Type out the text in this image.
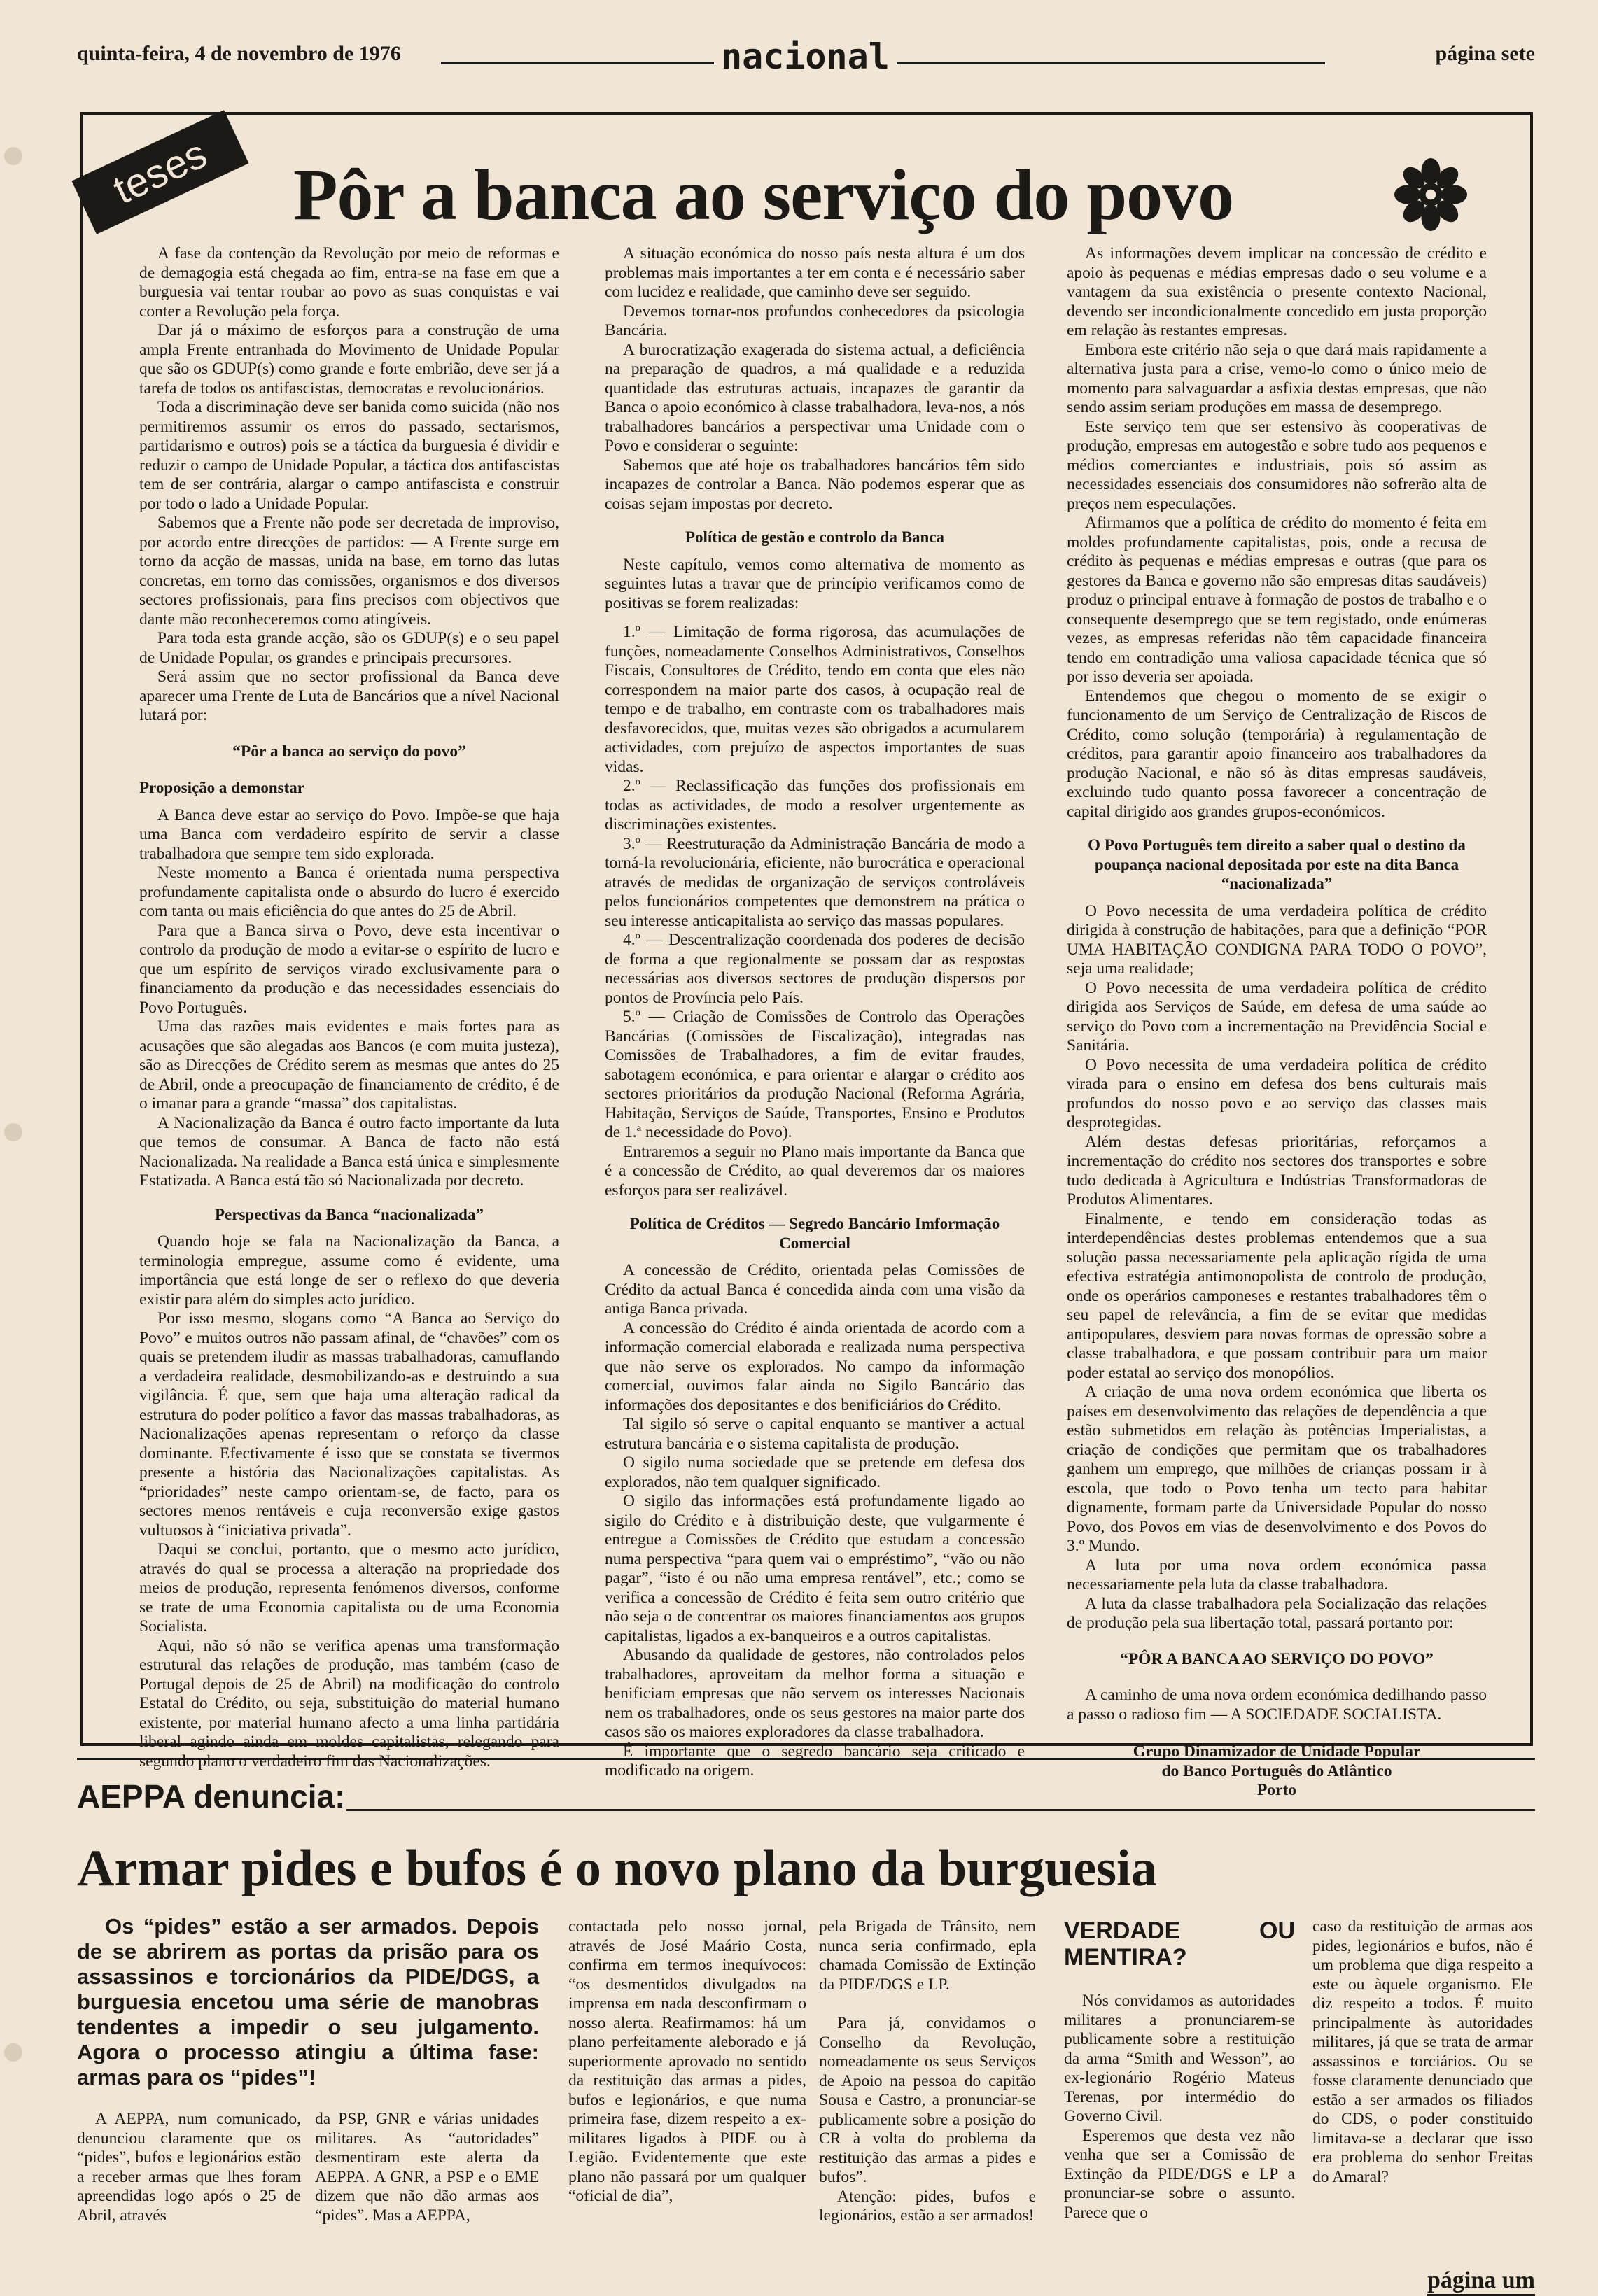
quinta-feira, 4 de novembro de 1976	nacional	página sete
teses	Pôr a banca ao serviço do povo

A fase da contenção da Revolução por meio de reformas e de demagogia está chegada ao fim, entra-se na fase em que a burguesia vai tentar roubar ao povo as suas conquistas e vai conter a Revolução pela força.

Dar já o máximo de esforços para a construção de uma ampla Frente entranhada do Movimento de Unidade Popular que são os GDUP(s) como grande e forte embrião, deve ser já a tarefa de todos os antifascistas, democratas e revolucionários.

Toda a discriminação deve ser banida como suicida (não nos permitiremos assumir os erros do passado, sectarismos, partidarismo e outros) pois se a táctica da burguesia é dividir e reduzir o campo de Unidade Popular, a táctica dos antifascistas tem de ser contrária, alargar o campo antifascista e construir por todo o lado a Unidade Popular.

Sabemos que a Frente não pode ser decretada de improviso, por acordo entre direcções de partidos: — A Frente surge em torno da acção de massas, unida na base, em torno das lutas concretas, em torno das comissões, organismos e dos diversos sectores profissionais, para fins precisos com objectivos que dante mão reconheceremos como atingíveis.

Para toda esta grande acção, são os GDUP(s) e o seu papel de Unidade Popular, os grandes e principais precursores.

Será assim que no sector profissional da Banca deve aparecer uma Frente de Luta de Bancários que a nível Nacional lutará por:

“Pôr a banca ao serviço do povo”
Proposição a demonstar

A Banca deve estar ao serviço do Povo. Impõe-se que haja uma Banca com verdadeiro espírito de servir a classe trabalhadora que sempre tem sido explorada.

Neste momento a Banca é orientada numa perspectiva profundamente capitalista onde o absurdo do lucro é exercido com tanta ou mais eficiência do que antes do 25 de Abril.

Para que a Banca sirva o Povo, deve esta incentivar o controlo da produção de modo a evitar-se o espírito de lucro e que um espírito de serviços virado exclusivamente para o financiamento da produção e das necessidades essenciais do Povo Português.

Uma das razões mais evidentes e mais fortes para as acusações que são alegadas aos Bancos (e com muita justeza), são as Direcções de Crédito serem as mesmas que antes do 25 de Abril, onde a preocupação de financiamento de crédito, é de o imanar para a grande “massa” dos capitalistas.

A Nacionalização da Banca é outro facto importante da luta que temos de consumar. A Banca de facto não está Nacionalizada. Na realidade a Banca está única e simplesmente Estatizada. A Banca está tão só Nacionalizada por decreto.

Perspectivas da Banca “nacionalizada”

Quando hoje se fala na Nacionalização da Banca, a terminologia empregue, assume como é evidente, uma importância que está longe de ser o reflexo do que deveria existir para além do simples acto jurídico.

Por isso mesmo, slogans como “A Banca ao Serviço do Povo” e muitos outros não passam afinal, de “chavões” com os quais se pretendem iludir as massas trabalhadoras, camuflando a verdadeira realidade, desmobilizando-as e destruindo a sua vigilância. É que, sem que haja uma alteração radical da estrutura do poder político a favor das massas trabalhadoras, as Nacionalizações apenas representam o reforço da classe dominante. Efectivamente é isso que se constata se tivermos presente a história das Nacionalizações capitalistas. As “prioridades” neste campo orientam-se, de facto, para os sectores menos rentáveis e cuja reconversão exige gastos vultuosos à “iniciativa privada”.

Daqui se conclui, portanto, que o mesmo acto jurídico, através do qual se processa a alteração na propriedade dos meios de produção, representa fenómenos diversos, conforme se trate de uma Economia capitalista ou de uma Economia Socialista.

Aqui, não só não se verifica apenas uma transformação estrutural das relações de produção, mas também (caso de Portugal depois de 25 de Abril) na modificação do controlo Estatal do Crédito, ou seja, substituição do material humano existente, por material humano afecto a uma linha partidária liberal agindo ainda em moldes capitalistas, relegando para segundo plano o verdadeiro fim das Nacionalizações.

A situação económica do nosso país nesta altura é um dos problemas mais importantes a ter em conta e é necessário saber com lucidez e realidade, que caminho deve ser seguido.

Devemos tornar-nos profundos conhecedores da psicologia Bancária.

A burocratização exagerada do sistema actual, a deficiência na preparação de quadros, a má qualidade e a reduzida quantidade das estruturas actuais, incapazes de garantir da Banca o apoio económico à classe trabalhadora, leva-nos, a nós trabalhadores bancários a perspectivar uma Unidade com o Povo e considerar o seguinte:

Sabemos que até hoje os trabalhadores bancários têm sido incapazes de controlar a Banca. Não podemos esperar que as coisas sejam impostas por decreto.

Política de gestão e controlo da Banca

Neste capítulo, vemos como alternativa de momento as seguintes lutas a travar que de princípio verificamos como de positivas se forem realizadas:

1.º — Limitação de forma rigorosa, das acumulações de funções, nomeadamente Conselhos Administrativos, Conselhos Fiscais, Consultores de Crédito, tendo em conta que eles não correspondem na maior parte dos casos, à ocupação real de tempo e de trabalho, em contraste com os trabalhadores mais desfavorecidos, que, muitas vezes são obrigados a acumularem actividades, com prejuízo de aspectos importantes de suas vidas.

2.º — Reclassificação das funções dos profissionais em todas as actividades, de modo a resolver urgentemente as discriminações existentes.

3.º — Reestruturação da Administração Bancária de modo a torná-la revolucionária, eficiente, não burocrática e operacional através de medidas de organização de serviços controláveis pelos funcionários competentes que demonstrem na prática o seu interesse anticapitalista ao serviço das massas populares.

4.º — Descentralização coordenada dos poderes de decisão de forma a que regionalmente se possam dar as respostas necessárias aos diversos sectores de produção dispersos por pontos de Província pelo País.

5.º — Criação de Comissões de Controlo das Operações Bancárias (Comissões de Fiscalização), integradas nas Comissões de Trabalhadores, a fim de evitar fraudes, sabotagem económica, e para orientar e alargar o crédito aos sectores prioritários da produção Nacional (Reforma Agrária, Habitação, Serviços de Saúde, Transportes, Ensino e Produtos de 1.ª necessidade do Povo).

Entraremos a seguir no Plano mais importante da Banca que é a concessão de Crédito, ao qual deveremos dar os maiores esforços para ser realizável.

Política de Créditos — Segredo Bancário Imformação Comercial

A concessão de Crédito, orientada pelas Comissões de Crédito da actual Banca é concedida ainda com uma visão da antiga Banca privada.

A concessão do Crédito é ainda orientada de acordo com a informação comercial elaborada e realizada numa perspectiva que não serve os explorados. No campo da informação comercial, ouvimos falar ainda no Sigilo Bancário das informações dos depositantes e dos benificiários do Crédito.

Tal sigilo só serve o capital enquanto se mantiver a actual estrutura bancária e o sistema capitalista de produção.

O sigilo numa sociedade que se pretende em defesa dos explorados, não tem qualquer significado.

O sigilo das informações está profundamente ligado ao sigilo do Crédito e à distribuição deste, que vulgarmente é entregue a Comissões de Crédito que estudam a concessão numa perspectiva “para quem vai o empréstimo”, “vão ou não pagar”, “isto é ou não uma empresa rentável”, etc.; como se verifica a concessão de Crédito é feita sem outro critério que não seja o de concentrar os maiores financiamentos aos grupos capitalistas, ligados a ex-banqueiros e a outros capitalistas.

Abusando da qualidade de gestores, não controlados pelos trabalhadores, aproveitam da melhor forma a situação e benificiam empresas que não servem os interesses Nacionais nem os trabalhadores, onde os seus gestores na maior parte dos casos são os maiores exploradores da classe trabalhadora.

É importante que o segredo bancário seja criticado e modificado na origem.

As informações devem implicar na concessão de crédito e apoio às pequenas e médias empresas dado o seu volume e a vantagem da sua existência o presente contexto Nacional, devendo ser incondicionalmente concedido em justa proporção em relação às restantes empresas.

Embora este critério não seja o que dará mais rapidamente a alternativa justa para a crise, vemo-lo como o único meio de momento para salvaguardar a asfixia destas empresas, que não sendo assim seriam produções em massa de desemprego.

Este serviço tem que ser estensivo às cooperativas de produção, empresas em autogestão e sobre tudo aos pequenos e médios comerciantes e industriais, pois só assim as necessidades essenciais dos consumidores não sofrerão alta de preços nem especulações.

Afirmamos que a política de crédito do momento é feita em moldes profundamente capitalistas, pois, onde a recusa de crédito às pequenas e médias empresas e outras (que para os gestores da Banca e governo não são empresas ditas saudáveis) produz o principal entrave à formação de postos de trabalho e o consequente desemprego que se tem registado, onde enúmeras vezes, as empresas referidas não têm capacidade financeira tendo em contradição uma valiosa capacidade técnica que só por isso deveria ser apoiada.

Entendemos que chegou o momento de se exigir o funcionamento de um Serviço de Centralização de Riscos de Crédito, como solução (temporária) à regulamentação de créditos, para garantir apoio financeiro aos trabalhadores da produção Nacional, e não só às ditas empresas saudáveis, excluindo tudo quanto possa favorecer a concentração de capital dirigido aos grandes grupos-económicos.

O Povo Português tem direito a saber qual o destino da poupança nacional depositada por este na dita Banca “nacionalizada”

O Povo necessita de uma verdadeira política de crédito dirigida à construção de habitações, para que a definição “POR UMA HABITAÇÃO CONDIGNA PARA TODO O POVO”, seja uma realidade;

O Povo necessita de uma verdadeira política de crédito dirigida aos Serviços de Saúde, em defesa de uma saúde ao serviço do Povo com a incrementação na Previdência Social e Sanitária.

O Povo necessita de uma verdadeira política de crédito virada para o ensino em defesa dos bens culturais mais profundos do nosso povo e ao serviço das classes mais desprotegidas.

Além destas defesas prioritárias, reforçamos a incrementação do crédito nos sectores dos transportes e sobre tudo dedicada à Agricultura e Indústrias Transformadoras de Produtos Alimentares.

Finalmente, e tendo em consideração todas as interdependências destes problemas entendemos que a sua solução passa necessariamente pela aplicação rígida de uma efectiva estratégia antimonopolista de controlo de produção, onde os operários camponeses e restantes trabalhadores têm o seu papel de relevância, a fim de se evitar que medidas antipopulares, desviem para novas formas de opressão sobre a classe trabalhadora, e que possam contribuir para um maior poder estatal ao serviço dos monopólios.

A criação de uma nova ordem económica que liberta os países em desenvolvimento das relações de dependência a que estão submetidos em relação às potências Imperialistas, a criação de condições que permitam que os trabalhadores ganhem um emprego, que milhões de crianças possam ir à escola, que todo o Povo tenha um tecto para habitar dignamente, formam parte da Universidade Popular do nosso Povo, dos Povos em vias de desenvolvimento e dos Povos do 3.º Mundo.

A luta por uma nova ordem económica passa necessariamente pela luta da classe trabalhadora.

A luta da classe trabalhadora pela Socialização das relações de produção pela sua libertação total, passará portanto por:

“PÔR A BANCA AO SERVIÇO DO POVO”

A caminho de uma nova ordem económica dedilhando passo a passo o radioso fim — A SOCIEDADE SOCIALISTA.

Grupo Dinamizador de Unidade Popular
do Banco Português do Atlântico
Porto
AEPPA denuncia:
Armar pides e bufos é o novo plano da burguesia

Os “pides” estão a ser armados. Depois de se abrirem as portas da prisão para os assassinos e torcionários da PIDE/DGS, a burguesia encetou uma série de manobras tendentes a impedir o seu julgamento. Agora o processo atingiu a última fase: armas para os “pides”!

A AEPPA, num comunicado, denunciou claramente que os “pides”, bufos e legionários estão a receber armas que lhes foram apreendidas logo após o 25 de Abril, através

da PSP, GNR e várias unidades militares. As “autoridades” desmentiram este alerta da AEPPA. A GNR, a PSP e o EME dizem que não dão armas aos “pides”. Mas a AEPPA,

contactada pelo nosso jornal, através de José Maário Costa, confirma em termos inequívocos: “os desmentidos divulgados na imprensa em nada desconfirmam o nosso alerta. Reafirmamos: há um plano perfeitamente aleborado e já superiormente aprovado no sentido da restituição das armas a pides, bufos e legionários, e que numa primeira fase, dizem respeito a ex-militares ligados à PIDE ou à Legião. Evidentemente que este plano não passará por um qualquer “oficial de dia”,

pela Brigada de Trânsito, nem nunca seria confirmado, epla chamada Comissão de Extinção da PIDE/DGS e LP.

Para já, convidamos o Conselho da Revolução, nomeadamente os seus Serviços de Apoio na pessoa do capitão Sousa e Castro, a pronunciar-se publicamente sobre a posição do CR à volta do problema da restituição das armas a pides e bufos”.

Atenção: pides, bufos e legionários, estão a ser armados!

VERDADE OU MENTIRA?

Nós convidamos as autoridades militares a pronunciarem-se publicamente sobre a restituição da arma “Smith and Wesson”, ao ex-legionário Rogério Mateus Terenas, por intermédio do Governo Civil.

Esperemos que desta vez não venha que ser a Comissão de Extinção da PIDE/DGS e LP a pronunciar-se sobre o assunto. Parece que o

caso da restituição de armas aos pides, legionários e bufos, não é um problema que diga respeito a este ou àquele organismo. Ele diz respeito a todos. É muito principalmente às autoridades militares, já que se trata de armar assassinos e torciários. Ou se fosse claramente denunciado que estão a ser armados os filiados do CDS, o poder constituido limitava-se a declarar que isso era problema do senhor Freitas do Amaral?

página um
